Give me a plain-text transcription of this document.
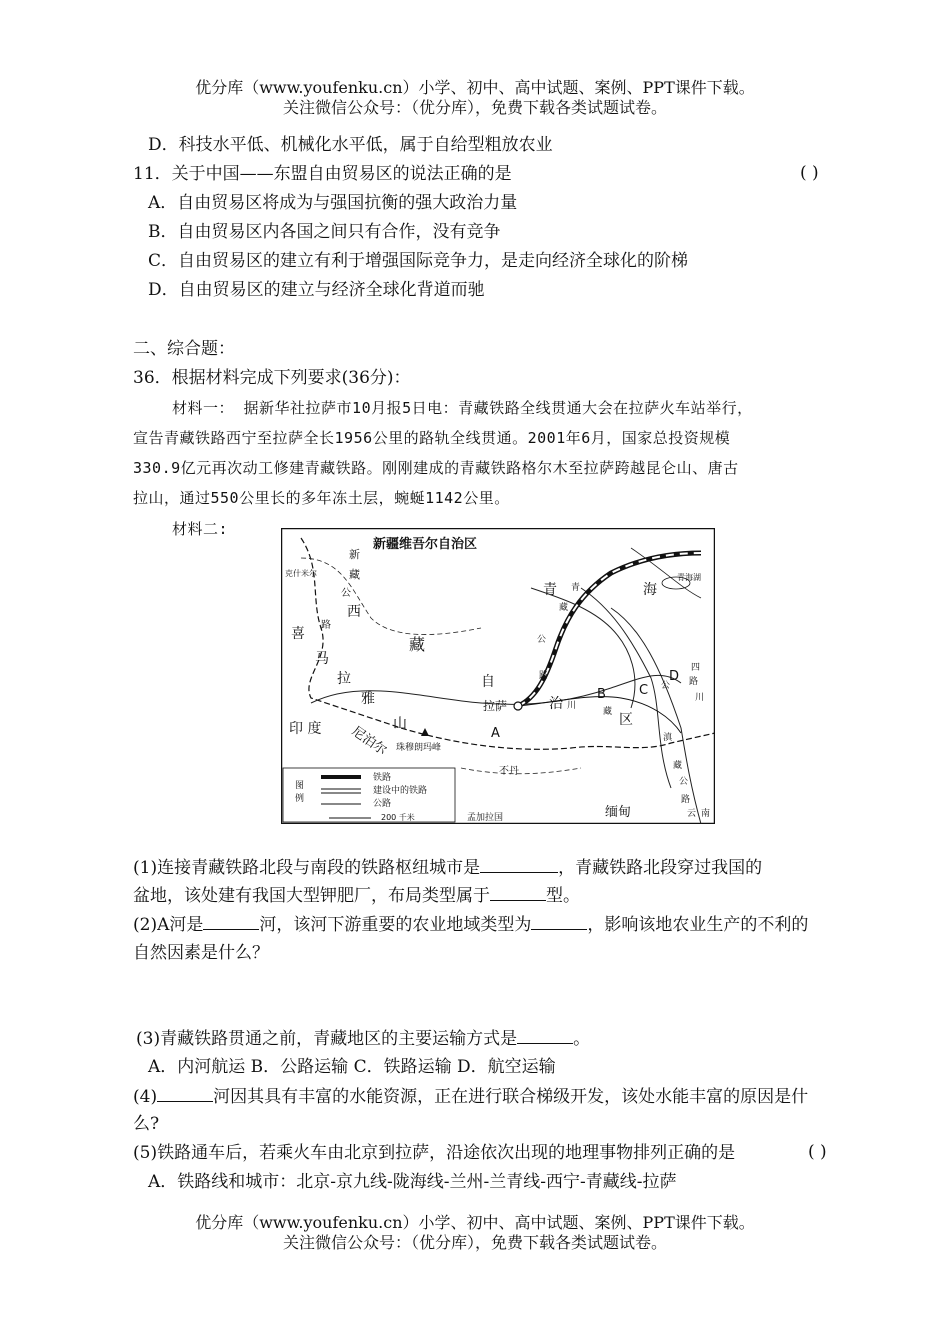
优分库（www.youfenku.cn）小学、初中、高中试题、案例、PPT课件下载。
关注微信公众号：（优分库），免费下载各类试题试卷。
D．科技水平低、机械化水平低，属于自给型粗放农业
11．关于中国——东盟自由贸易区的说法正确的是	( )
A．自由贸易区将成为与强国抗衡的强大政治力量
B．自由贸易区内各国之间只有合作，没有竞争
C．自由贸易区的建立有利于增强国际竞争力，是走向经济全球化的阶梯
D．自由贸易区的建立与经济全球化背道而驰
二、综合题：
36．根据材料完成下列要求(36分)：
材料一： 据新华社拉萨市10月报5日电：青藏铁路全线贯通大会在拉萨火车站举行，
宣告青藏铁路西宁至拉萨全长1956公里的路轨全线贯通。2001年6月，国家总投资规模
330.9亿元再次动工修建青藏铁路。刚刚建成的青藏铁路格尔木至拉萨跨越昆仑山、唐古
拉山，通过550公里长的多年冻土层，蜿蜒1142公里。
材料二:
新疆维吾尔自治区
新
藏
公
西
路
藏
自
治
喜
马
拉
雅
山
克什米尔
青	海
青海湖
青
藏
公
路
川
B
藏 区
C
D
四
路
川
公
滇
藏
公
路
云 南
拉萨
珠穆朗玛峰
印 度 尼泊尔	A
不丹
缅甸
孟加拉国
图
例
铁路
建设中的铁路
公路
200 千米
(1)连接青藏铁路北段与南段的铁路枢纽城市是	，青藏铁路北段穿过我国的
盆地，该处建有我国大型钾肥厂，布局类型属于	型。
(2)A河是	河，该河下游重要的农业地域类型为	，影响该地农业生产的不利的
自然因素是什么？
(3)青藏铁路贯通之前，青藏地区的主要运输方式是	。
A．内河航运 B．公路运输 C．铁路运输 D．航空运输
(4)	河因其具有丰富的水能资源，正在进行联合梯级开发，该处水能丰富的原因是什
么?
(5)铁路通车后，若乘火车由北京到拉萨，沿途依次出现的地理事物排列正确的是	( )
A．铁路线和城市：北京-京九线-陇海线-兰州-兰青线-西宁-青藏线-拉萨
优分库（www.youfenku.cn）小学、初中、高中试题、案例、PPT课件下载。
关注微信公众号：（优分库），免费下载各类试题试卷。
